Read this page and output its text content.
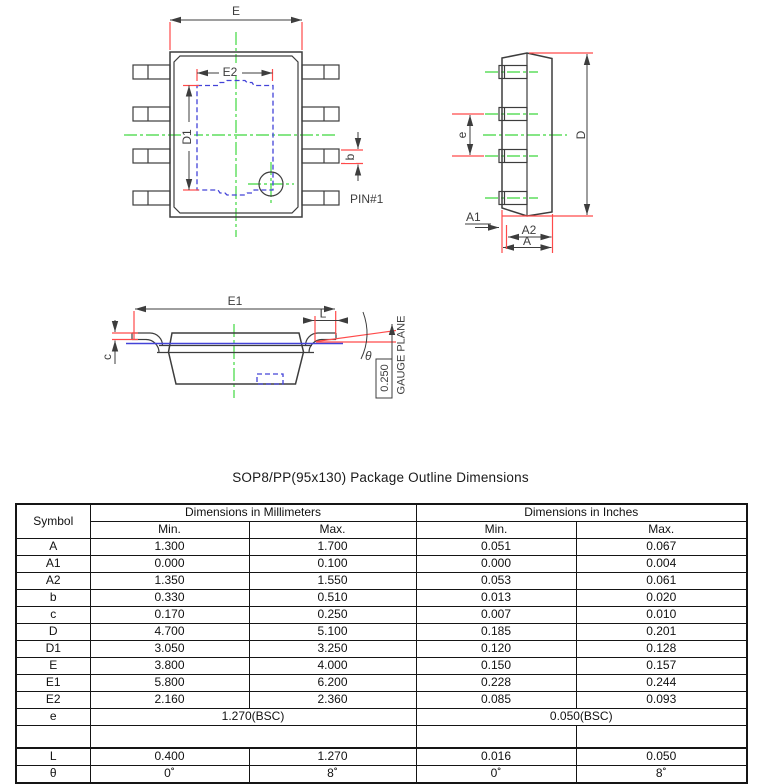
E
E2
D1
b
PIN#1
e	D
A1
A2
A
E1
L
c	θ
0.250 GAUGE PLANE
SOP8/PP(95x130) Package Outline Dimensions
Symbol	Dimensions in Millimeters		Dimensions in Inches	
	Min.	Max.	Min.	Max.
A	1.300	1.700	0.051	0.067
A1	0.000	0.100	0.000	0.004
A2	1.350	1.550	0.053	0.061
b	0.330	0.510	0.013	0.020
c	0.170	0.250	0.007	0.010
D	4.700	5.100	0.185	0.201
D1	3.050	3.250	0.120	0.128
E	3.800	4.000	0.150	0.157
E1	5.800	6.200	0.228	0.244
E2	2.160	2.360	0.085	0.093
e	1.270(BSC)		0.050(BSC)	

L	0.400	1.270	0.016	0.050
θ	0˚	8˚	0˚	8˚
